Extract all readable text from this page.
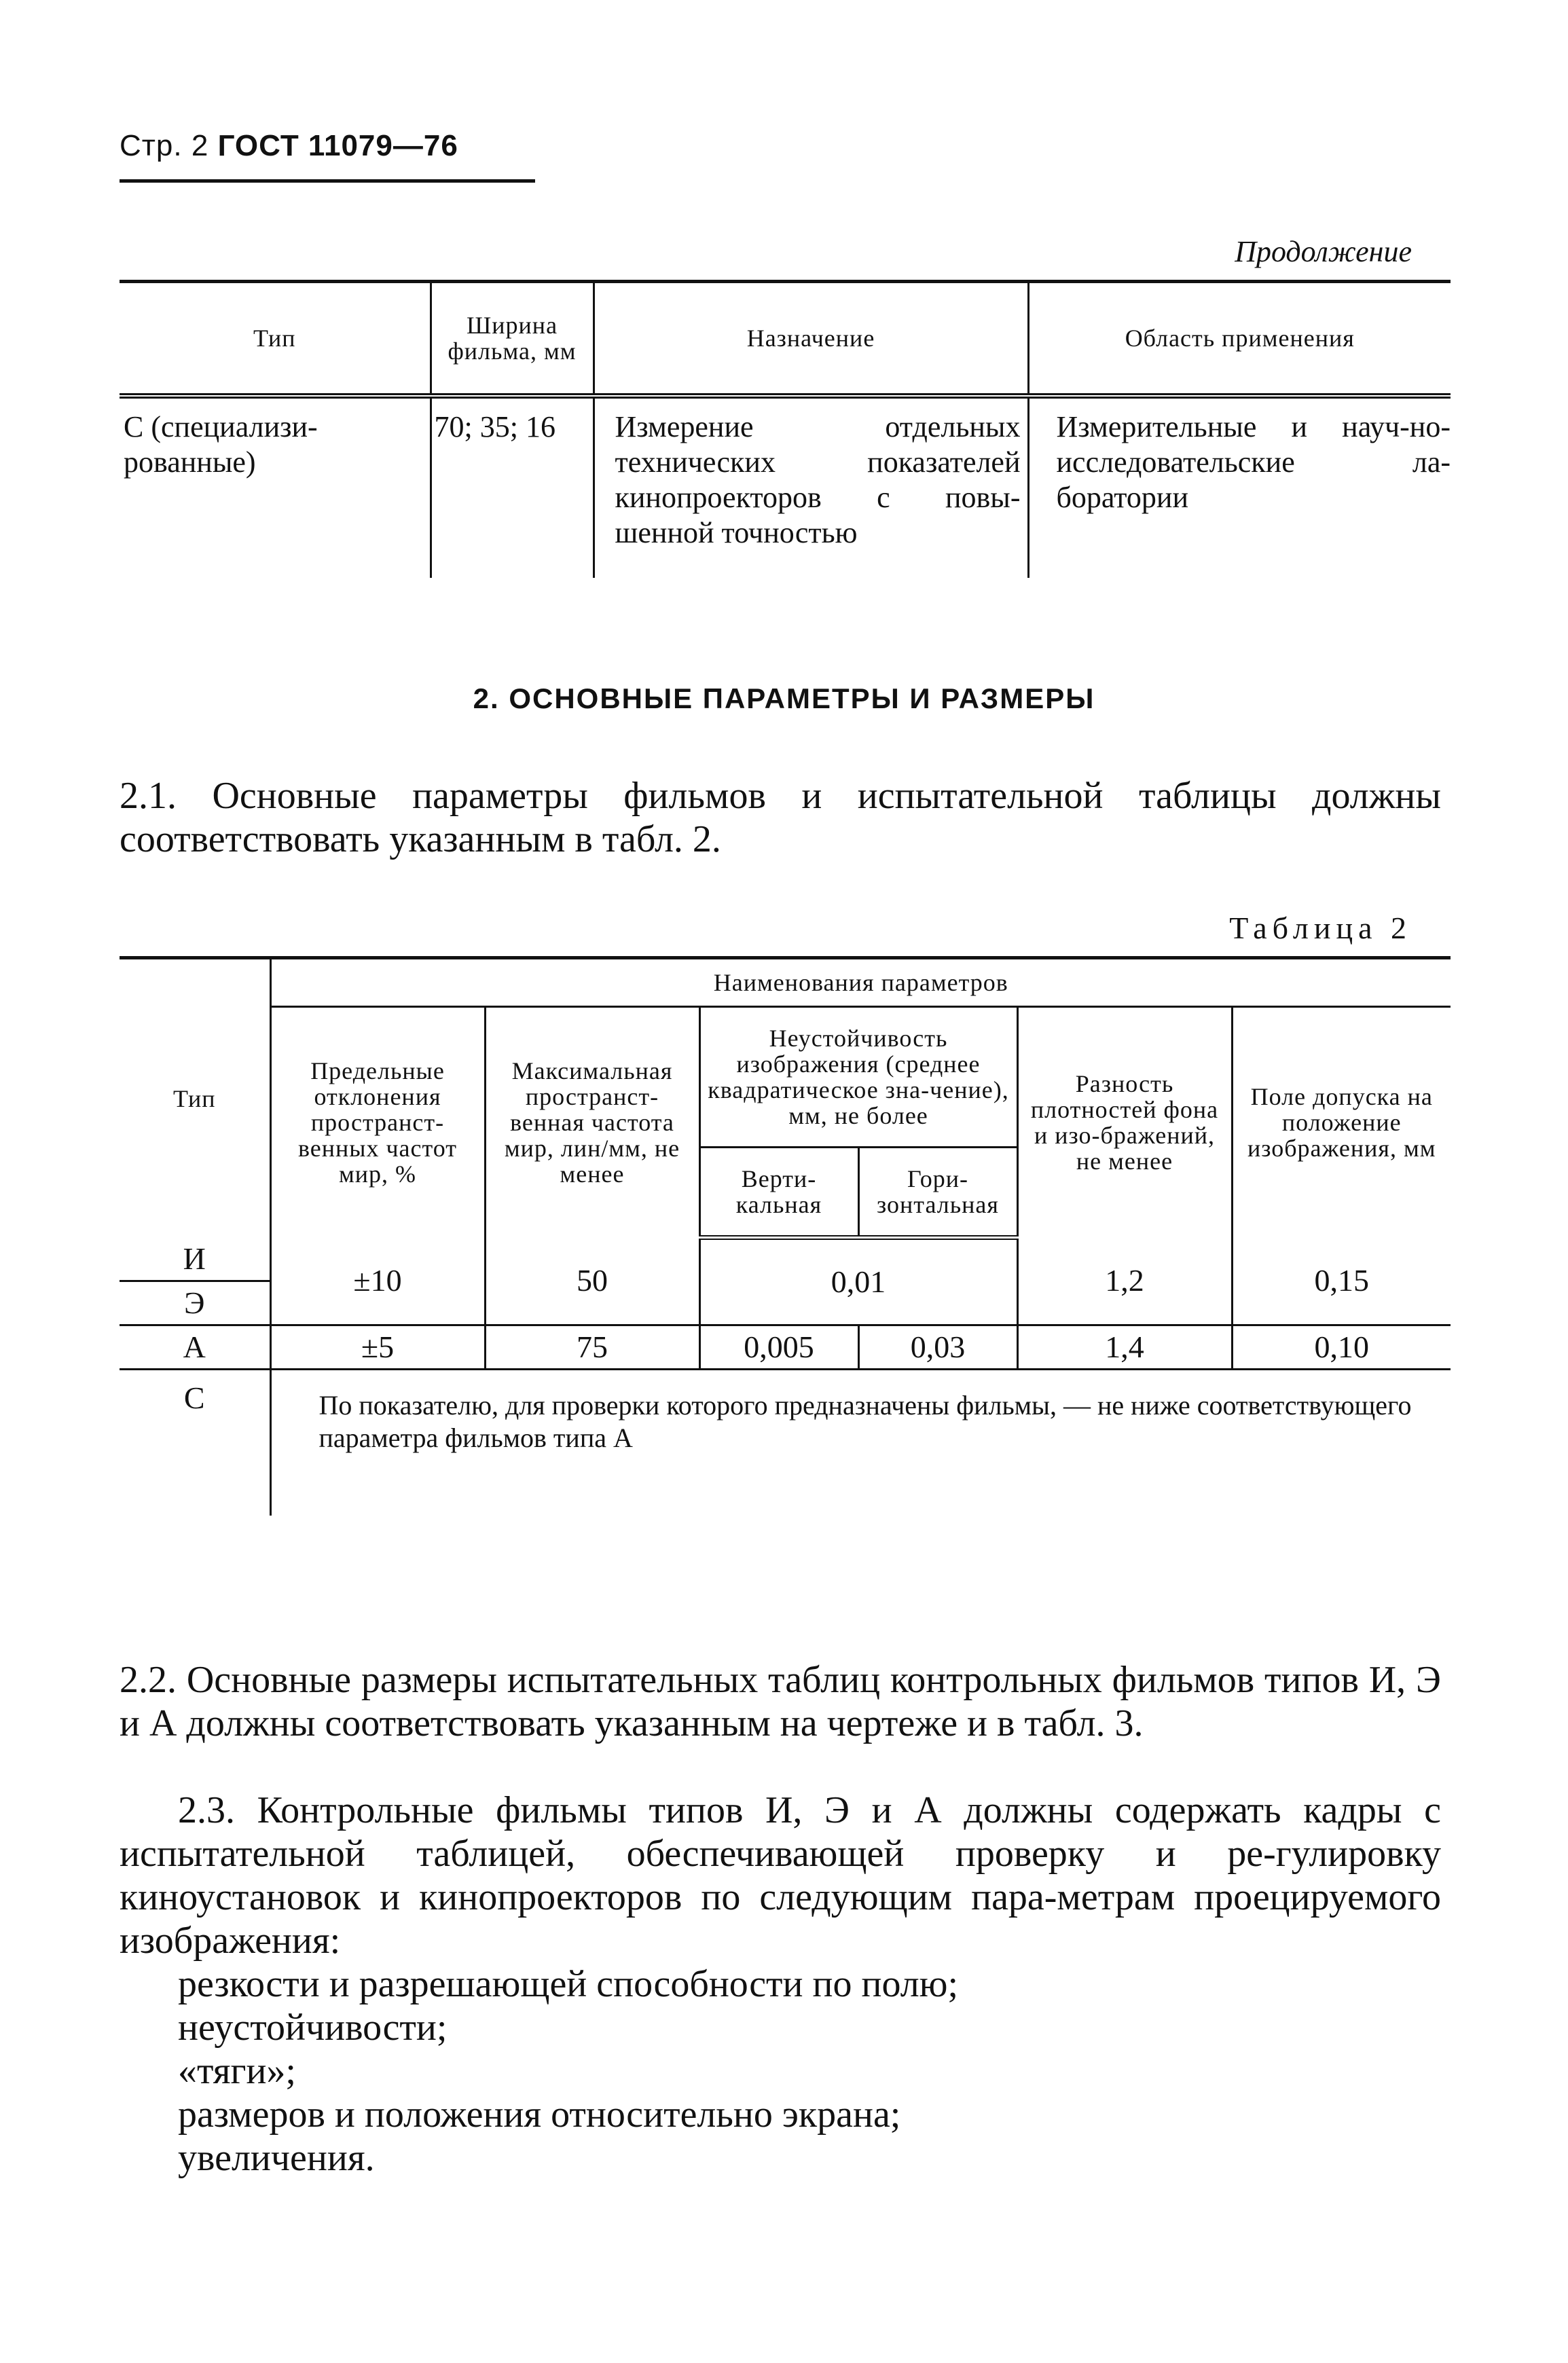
Стр. 2 ГОСТ 11079—76
Продолжение
Тип	Ширина фильма, мм	Назначение	Область применения
С (специализи-рованные)	70; 35; 16	Измерение отдельных технических показателей кинопроекторов с повы-шенной точностью	Измерительные и науч-но-исследовательские ла-боратории
2. ОСНОВНЫЕ ПАРАМЕТРЫ И РАЗМЕРЫ
2.1. Основные параметры фильмов и испытательной таблицы должны соответствовать указанным в табл. 2.
Таблица 2
Тип	Наименования параметров					
	Предельные отклонения пространст-венных частот мир, %	Максимальная пространст-венная частота мир, лин/мм, не менее	Неустойчивость изображения (среднее квадратическое зна-чение), мм, не более		Разность плотностей фона и изо-бражений, не менее	Поле допуска на положение изображения, мм
			Верти-кальная	Гори-зонтальная		
И	±10	50	0,01		1,2	0,15
Э						
А	±5	75	0,005	0,03	1,4	0,10
С	По показателю, для проверки которого предназначены фильмы, — не ниже соответствующего параметра фильмов типа А					
2.2. Основные размеры испытательных таблиц контрольных фильмов типов И, Э и А должны соответствовать указанным на чертеже и в табл. 3.
2.3. Контрольные фильмы типов И, Э и А должны содержать кадры с испытательной таблицей, обеспечивающей проверку и ре-гулировку киноустановок и кинопроекторов по следующим пара-метрам проецируемого изображения:
резкости и разрешающей способности по полю;
неустойчивости;
«тяги»;
размеров и положения относительно экрана;
увеличения.
